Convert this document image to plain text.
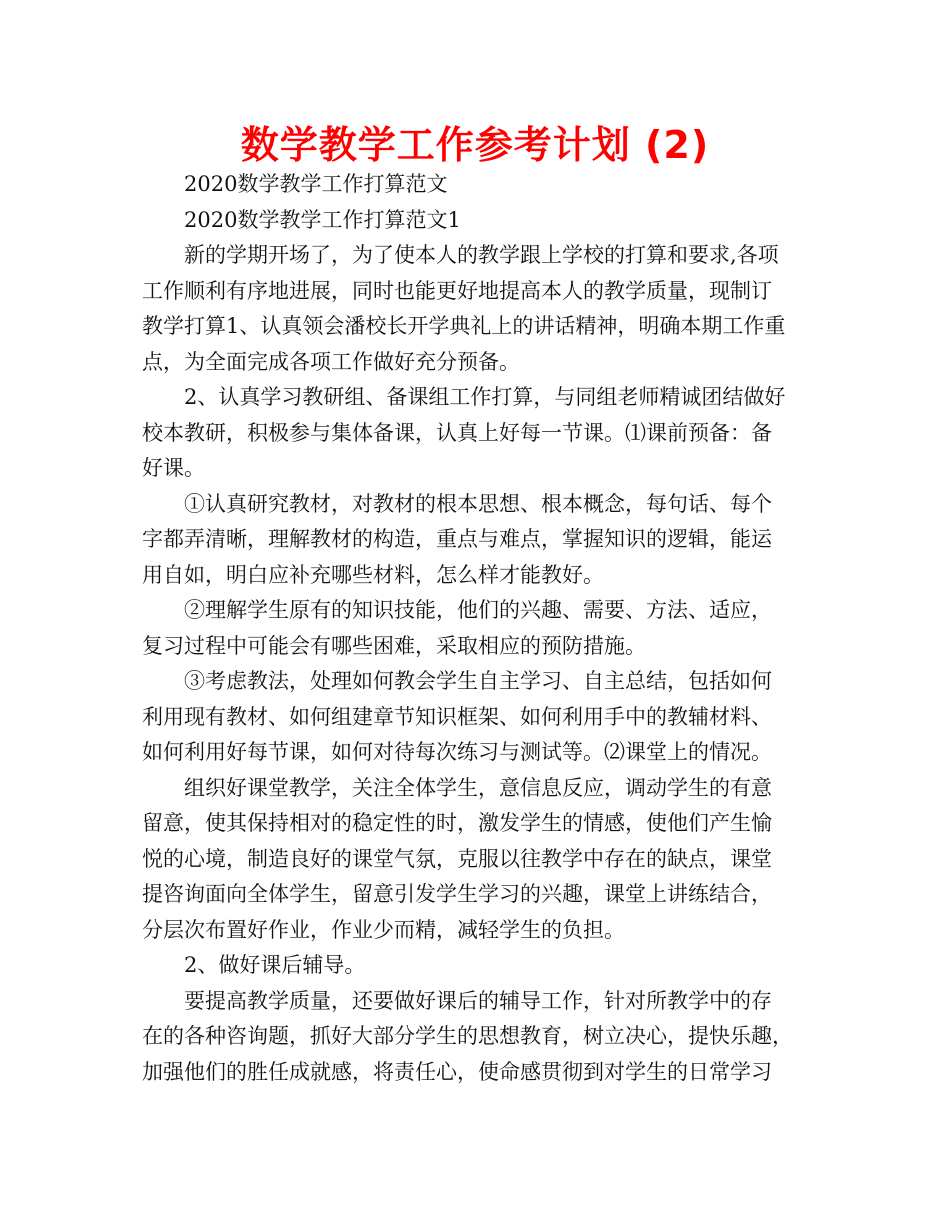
数学教学工作参考计划 (2)
2020数学教学工作打算范文
2020数学教学工作打算范文1
新的学期开场了，为了使本人的教学跟上学校的打算和要求,各项
工作顺利有序地进展，同时也能更好地提高本人的教学质量，现制订
教学打算1、认真领会潘校长开学典礼上的讲话精神，明确本期工作重
点，为全面完成各项工作做好充分预备。
2、认真学习教研组、备课组工作打算，与同组老师精诚团结做好
校本教研，积极参与集体备课，认真上好每一节课。⑴课前预备：备
好课。
①认真研究教材，对教材的根本思想、根本概念，每句话、每个
字都弄清晰，理解教材的构造，重点与难点，掌握知识的逻辑，能运
用自如，明白应补充哪些材料，怎么样才能教好。
②理解学生原有的知识技能，他们的兴趣、需要、方法、适应，
复习过程中可能会有哪些困难，采取相应的预防措施。
③考虑教法，处理如何教会学生自主学习、自主总结，包括如何
利用现有教材、如何组建章节知识框架、如何利用手中的教辅材料、
如何利用好每节课，如何对待每次练习与测试等。⑵课堂上的情况。
组织好课堂教学，关注全体学生，意信息反应，调动学生的有意
留意，使其保持相对的稳定性的时，激发学生的情感，使他们产生愉
悦的心境，制造良好的课堂气氛，克服以往教学中存在的缺点，课堂
提咨询面向全体学生，留意引发学生学习的兴趣，课堂上讲练结合，
分层次布置好作业，作业少而精，减轻学生的负担。
2、做好课后辅导。
要提高教学质量，还要做好课后的辅导工作，针对所教学中的存
在的各种咨询题，抓好大部分学生的思想教育，树立决心，提快乐趣，
加强他们的胜任成就感，将责任心，使命感贯彻到对学生的日常学习
